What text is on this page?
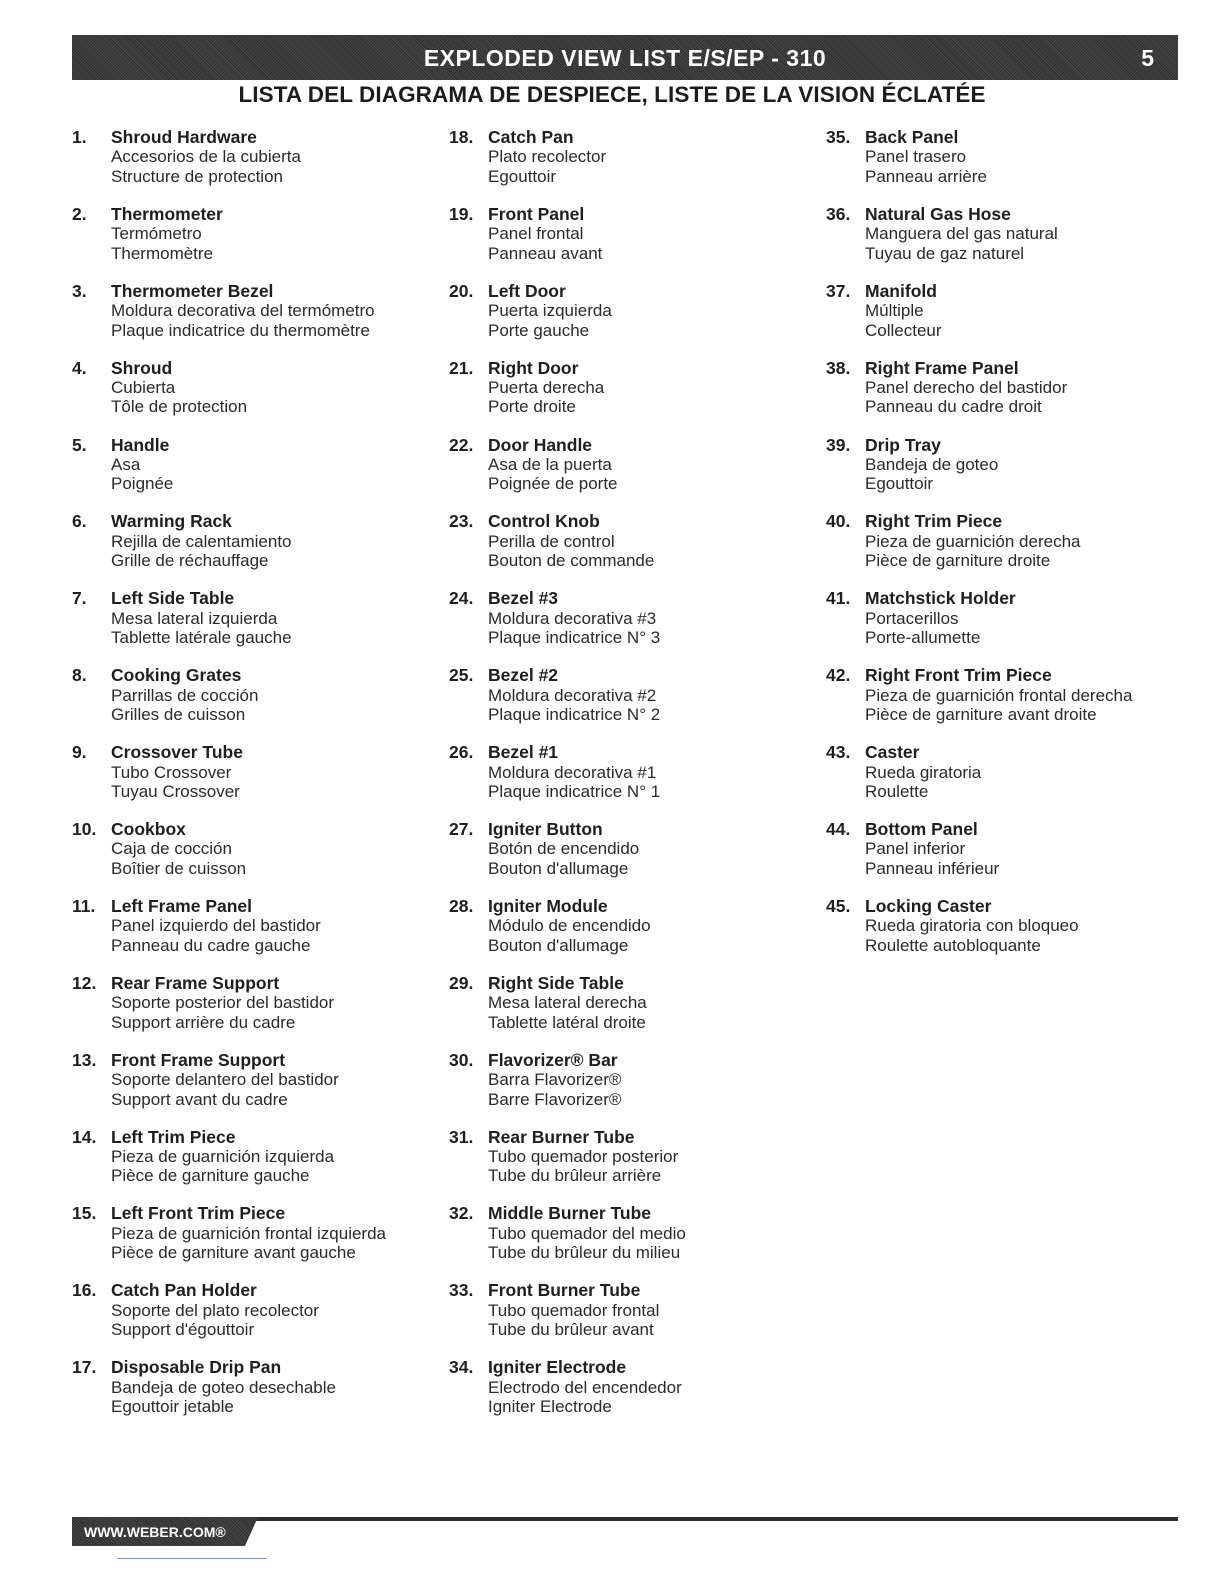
EXPLODED VIEW LIST E/S/EP - 310	5
LISTA DEL DIAGRAMA DE DESPIECE, LISTE DE LA VISION ÉCLATÉE
1. Shroud Hardware
Accesorios de la cubierta
Structure de protection
2. Thermometer
Termómetro
Thermomètre
3. Thermometer Bezel
Moldura decorativa del termómetro
Plaque indicatrice du thermomètre
4. Shroud
Cubierta
Tôle de protection
5. Handle
Asa
Poignée
6. Warming Rack
Rejilla de calentamiento
Grille de réchauffage
7. Left Side Table
Mesa lateral izquierda
Tablette latérale gauche
8. Cooking Grates
Parrillas de cocción
Grilles de cuisson
9. Crossover Tube
Tubo Crossover
Tuyau Crossover
10. Cookbox
Caja de cocción
Boîtier de cuisson
11. Left Frame Panel
Panel izquierdo del bastidor
Panneau du cadre gauche
12. Rear Frame Support
Soporte posterior del bastidor
Support arrière du cadre
13. Front Frame Support
Soporte delantero del bastidor
Support avant du cadre
14. Left Trim Piece
Pieza de guarnición izquierda
Pièce de garniture gauche
15. Left Front Trim Piece
Pieza de guarnición frontal izquierda
Pièce de garniture avant gauche
16. Catch Pan Holder
Soporte del plato recolector
Support d'égouttoir
17. Disposable Drip Pan
Bandeja de goteo desechable
Egouttoir jetable
18. Catch Pan
Plato recolector
Egouttoir
19. Front Panel
Panel frontal
Panneau avant
20. Left Door
Puerta izquierda
Porte gauche
21. Right Door
Puerta derecha
Porte droite
22. Door Handle
Asa de la puerta
Poignée de porte
23. Control Knob
Perilla de control
Bouton de commande
24. Bezel #3
Moldura decorativa #3
Plaque indicatrice N° 3
25. Bezel #2
Moldura decorativa #2
Plaque indicatrice N° 2
26. Bezel #1
Moldura decorativa #1
Plaque indicatrice N° 1
27. Igniter Button
Botón de encendido
Bouton d'allumage
28. Igniter Module
Módulo de encendido
Bouton d'allumage
29. Right Side Table
Mesa lateral derecha
Tablette latéral droite
30. Flavorizer® Bar
Barra Flavorizer®
Barre Flavorizer®
31. Rear Burner Tube
Tubo quemador posterior
Tube du brûleur arrière
32. Middle Burner Tube
Tubo quemador del medio
Tube du brûleur du milieu
33. Front Burner Tube
Tubo quemador frontal
Tube du brûleur avant
34. Igniter Electrode
Electrodo del encendedor
Igniter Electrode
35. Back Panel
Panel trasero
Panneau arrière
36. Natural Gas Hose
Manguera del gas natural
Tuyau de gaz naturel
37. Manifold
Múltiple
Collecteur
38. Right Frame Panel
Panel derecho del bastidor
Panneau du cadre droit
39. Drip Tray
Bandeja de goteo
Egouttoir
40. Right Trim Piece
Pieza de guarnición derecha
Pièce de garniture droite
41. Matchstick Holder
Portacerillos
Porte-allumette
42. Right Front Trim Piece
Pieza de guarnición frontal derecha
Pièce de garniture avant droite
43. Caster
Rueda giratoria
Roulette
44. Bottom Panel
Panel inferior
Panneau inférieur
45. Locking Caster
Rueda giratoria con bloqueo
Roulette autobloquante
WWW.WEBER.COM®
